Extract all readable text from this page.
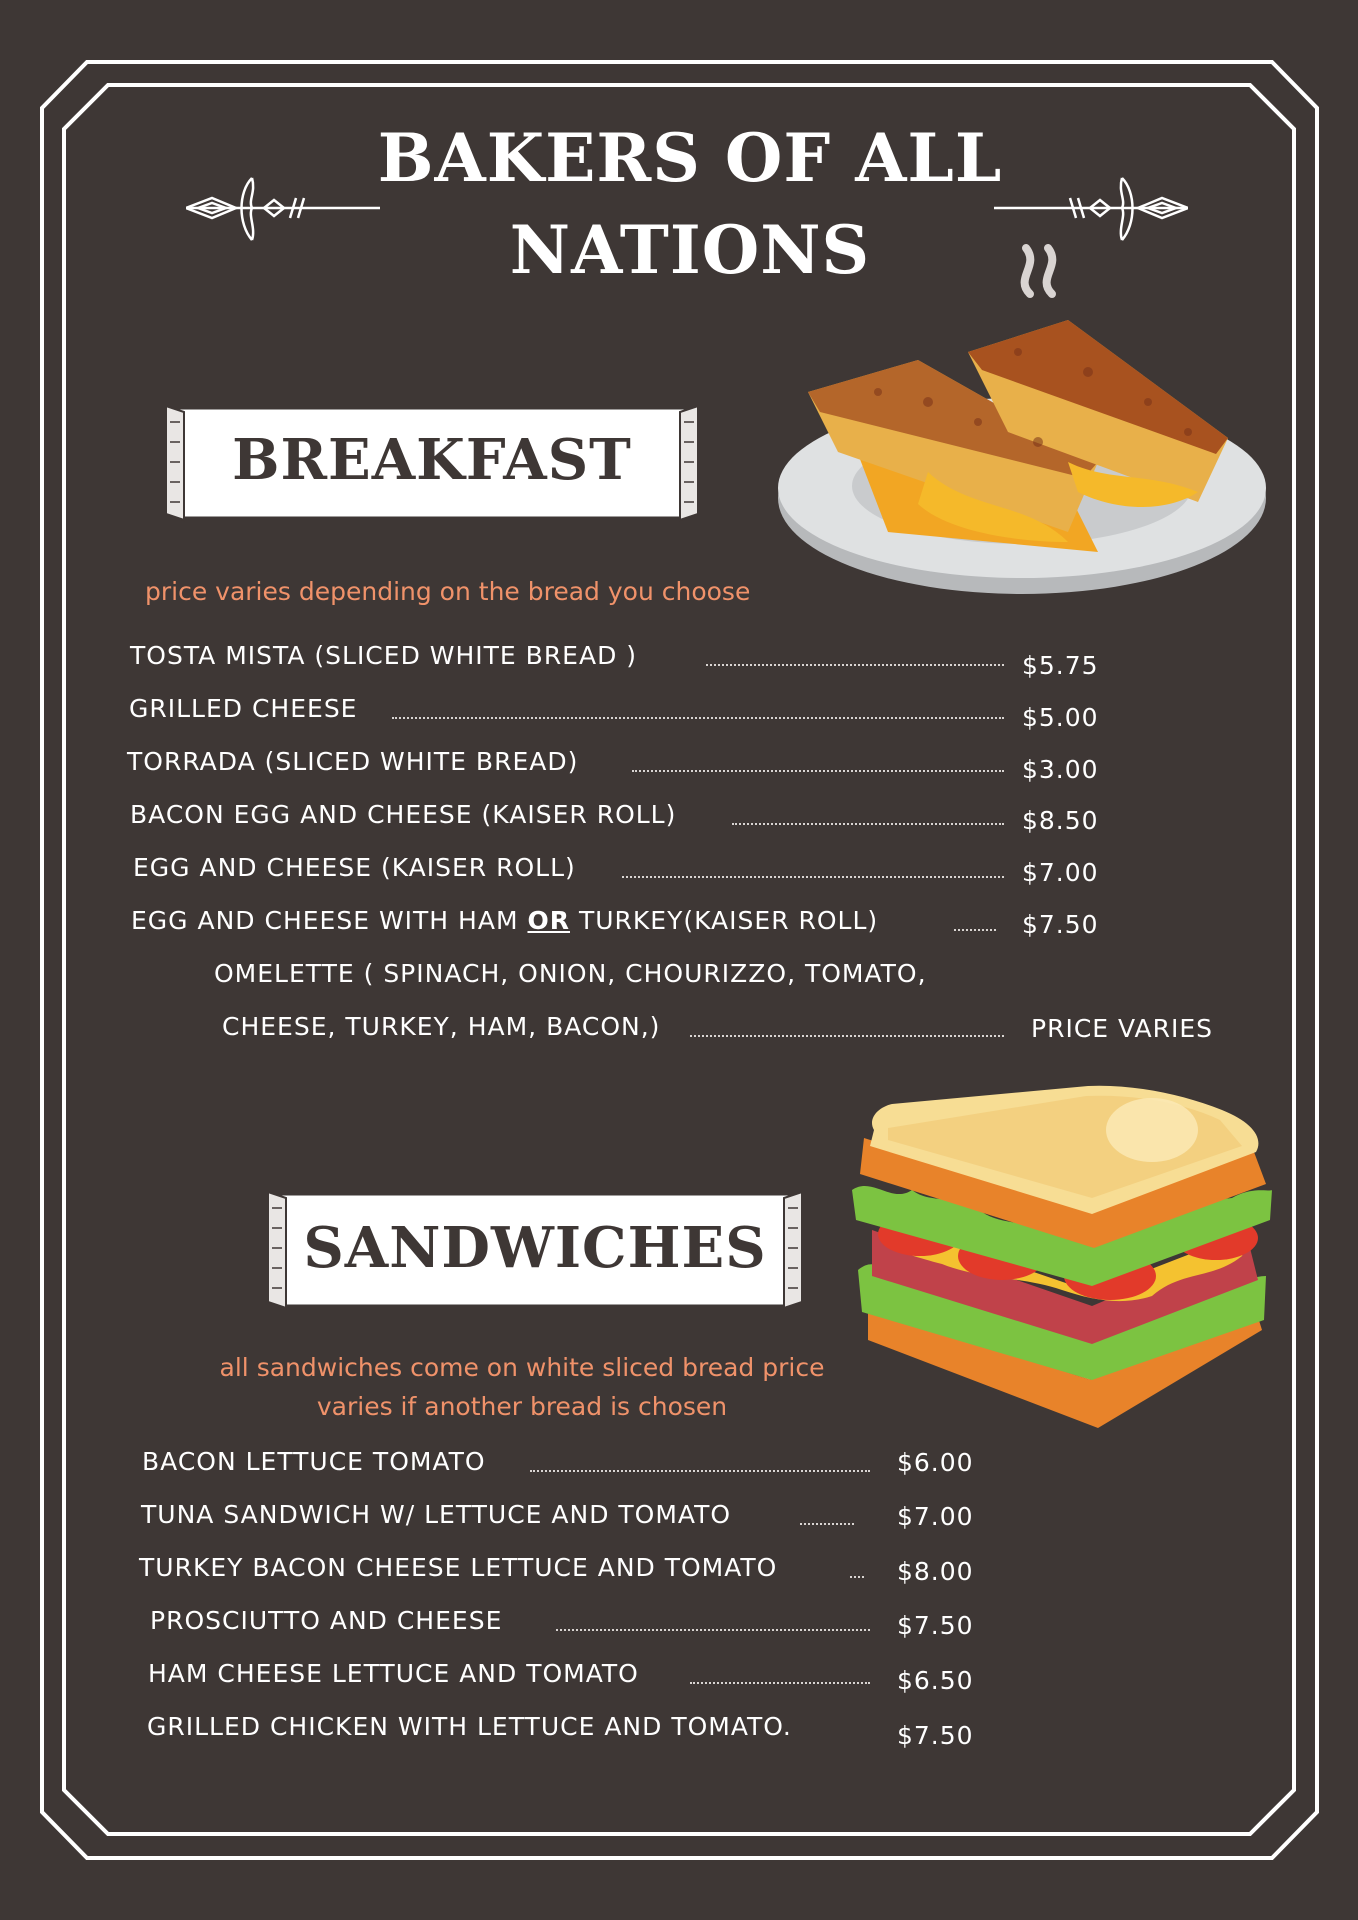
BAKERS OF ALL
NATIONS
BREAKFAST
price varies depending on the bread you choose
TOSTA MISTA (SLICED WHITE BREAD )	$5.75
GRILLED CHEESE	$5.00
TORRADA (SLICED WHITE BREAD)	$3.00
BACON EGG AND CHEESE (KAISER ROLL)	$8.50
EGG AND CHEESE (KAISER ROLL)	$7.00
EGG AND CHEESE WITH HAM OR TURKEY(KAISER ROLL)	$7.50
OMELETTE ( SPINACH, ONION, CHOURIZZO, TOMATO,
CHEESE, TURKEY, HAM, BACON,)	PRICE VARIES
SANDWICHES
all sandwiches come on white sliced bread price
varies if another bread is chosen
BACON LETTUCE TOMATO	$6.00
TUNA SANDWICH W/ LETTUCE AND TOMATO	$7.00
TURKEY BACON CHEESE LETTUCE AND TOMATO	$8.00
PROSCIUTTO AND CHEESE	$7.50
HAM CHEESE LETTUCE AND TOMATO	$6.50
GRILLED CHICKEN WITH LETTUCE AND TOMATO.	$7.50
